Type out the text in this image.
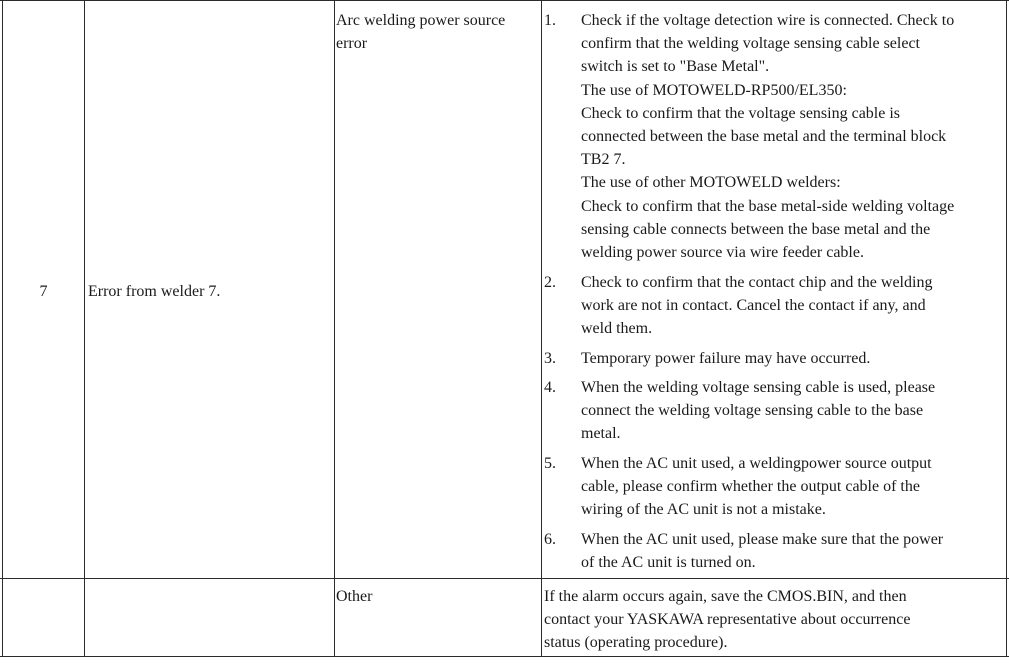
7	Error from welder 7.
Arc welding power source error
1. Check if the voltage detection wire is connected. Check to
confirm that the welding voltage sensing cable select
switch is set to "Base Metal".
The use of MOTOWELD-RP500/EL350:
Check to confirm that the voltage sensing cable is
connected between the base metal and the terminal block
TB2 7.
The use of other MOTOWELD welders:
Check to confirm that the base metal-side welding voltage
sensing cable connects between the base metal and the
welding power source via wire feeder cable.
2. Check to confirm that the contact chip and the welding
work are not in contact. Cancel the contact if any, and
weld them.
3. Temporary power failure may have occurred.
4. When the welding voltage sensing cable is used, please
connect the welding voltage sensing cable to the base
metal.
5. When the AC unit used, a weldingpower source output
cable, please confirm whether the output cable of the
wiring of the AC unit is not a mistake.
6. When the AC unit used, please make sure that the power
of the AC unit is turned on.
Other	If the alarm occurs again, save the CMOS.BIN, and then
contact your YASKAWA representative about occurrence
status (operating procedure).
